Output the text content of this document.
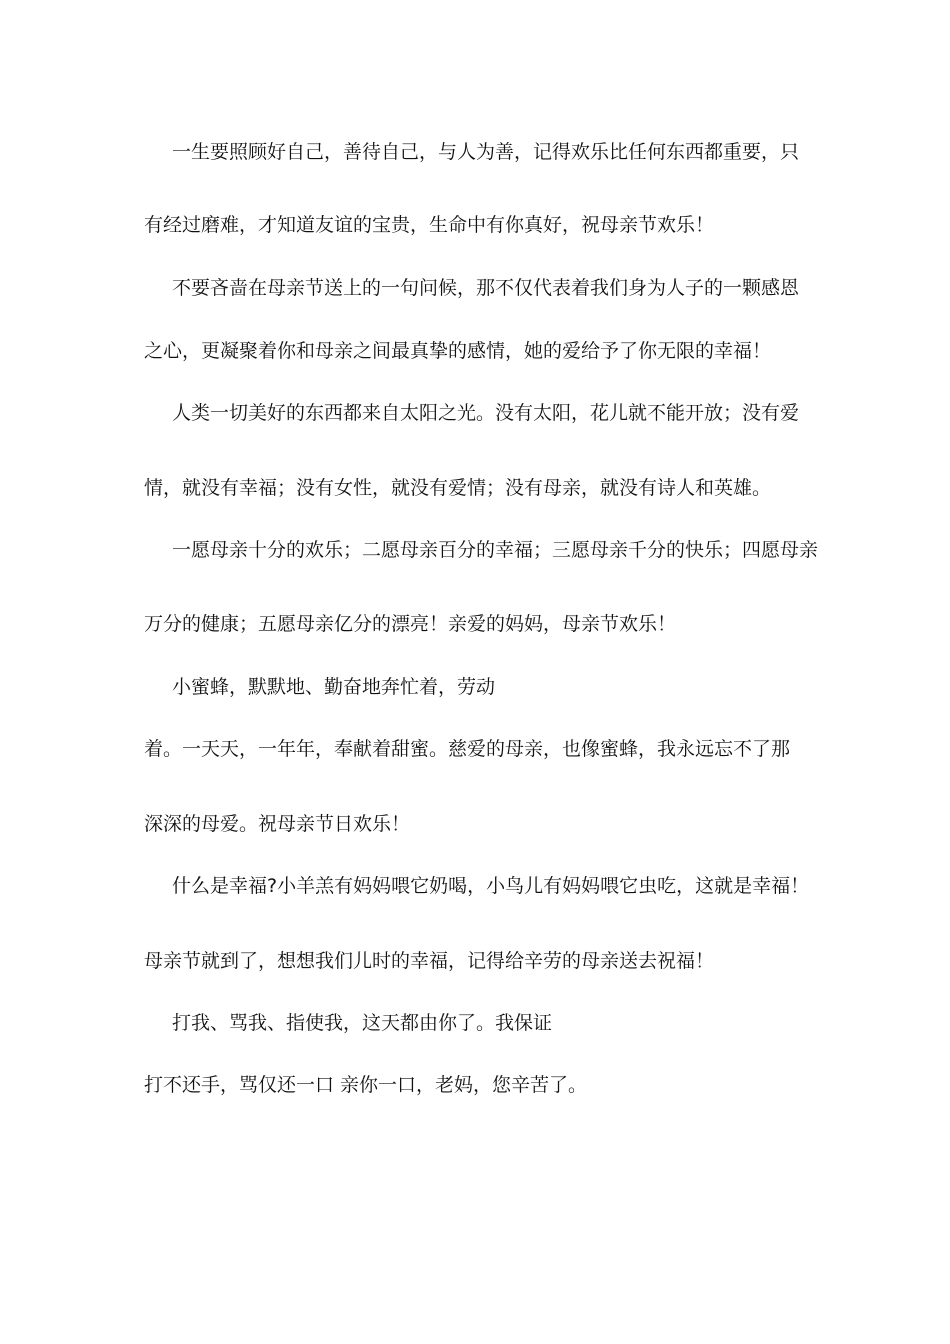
一生要照顾好自己，善待自己，与人为善，记得欢乐比任何东西都重要，只
有经过磨难，才知道友谊的宝贵，生命中有你真好，祝母亲节欢乐！
不要吝啬在母亲节送上的一句问候，那不仅代表着我们身为人子的一颗感恩
之心，更凝聚着你和母亲之间最真挚的感情，她的爱给予了你无限的幸福！
人类一切美好的东西都来自太阳之光。没有太阳，花儿就不能开放；没有爱
情，就没有幸福；没有女性，就没有爱情；没有母亲，就没有诗人和英雄。
一愿母亲十分的欢乐；二愿母亲百分的幸福；三愿母亲千分的快乐；四愿母亲
万分的健康；五愿母亲亿分的漂亮！亲爱的妈妈，母亲节欢乐！
小蜜蜂，默默地、勤奋地奔忙着，劳动
着。一天天，一年年，奉献着甜蜜。慈爱的母亲，也像蜜蜂，我永远忘不了那
深深的母爱。祝母亲节日欢乐！
什么是幸福?小羊羔有妈妈喂它奶喝，小鸟儿有妈妈喂它虫吃，这就是幸福！
母亲节就到了，想想我们儿时的幸福，记得给辛劳的母亲送去祝福！
打我、骂我、指使我，这天都由你了。我保证
打不还手，骂仅还一口 亲你一口，老妈，您辛苦了。
